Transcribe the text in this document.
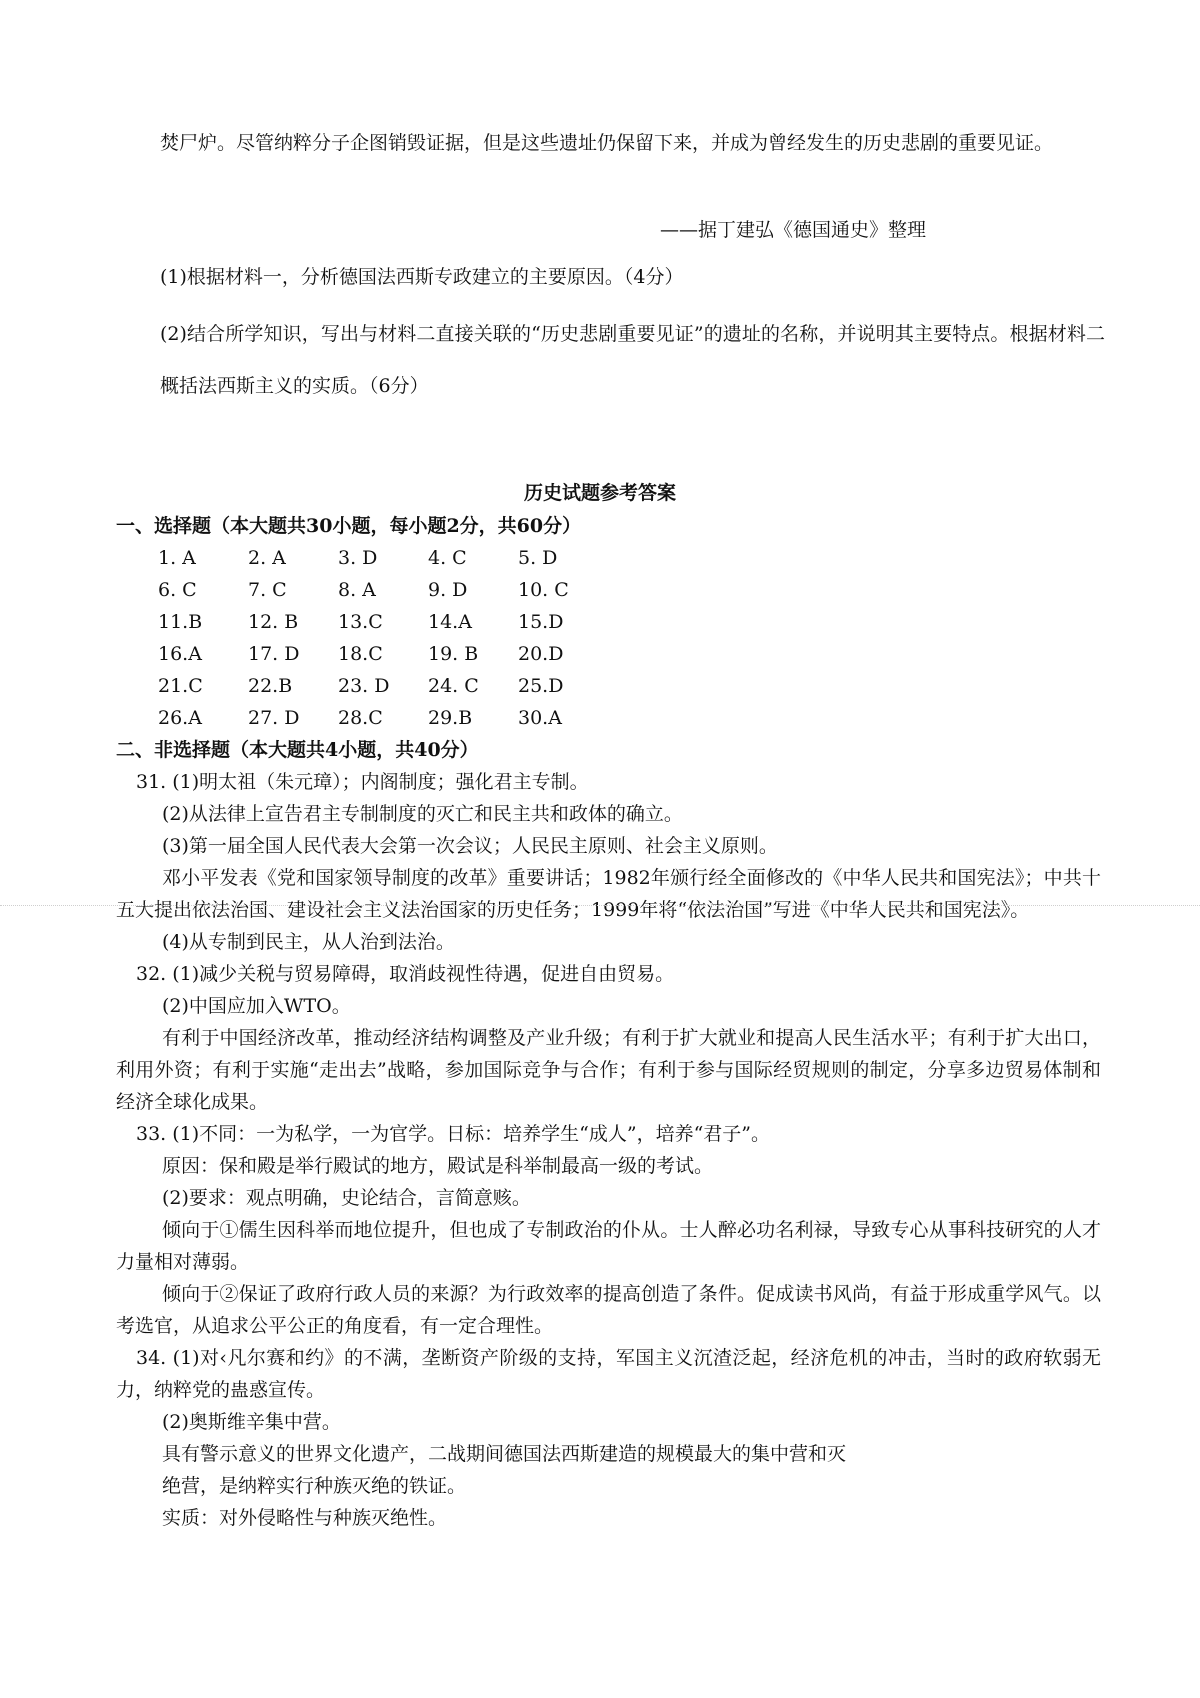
焚尸炉。尽管纳粹分子企图销毁证据，但是这些遗址仍保留下来，并成为曾经发生的历史悲剧的重要见证。

——据丁建弘《德国通史》整理
(1)根据材料一，分析德国法西斯专政建立的主要原因。（4分）

(2)结合所学知识，写出与材料二直接关联的“历史悲剧重要见证”的遗址的名称，并说明其主要特点。根据材料二概括法西斯主义的实质。（6分）

历史试题参考答案
一、选择题（本大题共30小题，每小题2分，共60分）
1. A	2. A	3. D	4. C	5. D
6. C	7. C	8. A	9. D	10. C
11.B	12. B	13.C	14.A	15.D
16.A	17. D	18.C	19. B	20.D
21.C	22.B	23. D	24. C	25.D
26.A	27. D	28.C	29.B	30.A
二、非选择题（本大题共4小题，共40分）
31. (1)明太祖（朱元璋）；内阁制度；强化君主专制。
(2)从法律上宣告君主专制制度的灭亡和民主共和政体的确立。
(3)第一届全国人民代表大会第一次会议；人民民主原则、社会主义原则。
邓小平发表《党和国家领导制度的改革》重要讲话；1982年颁行经全面修改的《中华人民共和国宪法》；中共十五大提出依法治国、建设社会主义法治国家的历史任务；1999年将“依法治国”写进《中华人民共和国宪法》。
(4)从专制到民主，从人治到法治。
32. (1)减少关税与贸易障碍，取消歧视性待遇，促进自由贸易。
(2)中国应加入WTO。
有利于中国经济改革，推动经济结构调整及产业升级；有利于扩大就业和提高人民生活水平；有利于扩大出口，利用外资；有利于实施“走出去”战略，参加国际竞争与合作；有利于参与国际经贸规则的制定，分享多边贸易体制和经济全球化成果。
33. (1)不同：一为私学，一为官学。日标：培养学生“成人”，培养“君子”。
原因：保和殿是举行殿试的地方，殿试是科举制最高一级的考试。
(2)要求：观点明确，史论结合，言简意赅。
倾向于①儒生因科举而地位提升，但也成了专制政治的仆从。士人醉必功名利禄，导致专心从事科技研究的人才力量相对薄弱。
倾向于②保证了政府行政人员的来源？为行政效率的提高创造了条件。促成读书风尚，有益于形成重学风气。以考选官，从追求公平公正的角度看，有一定合理性。
34. (1)对‹凡尔赛和约》的不满，垄断资产阶级的支持，军国主义沉渣泛起，经济危机的冲击，当时的政府软弱无力，纳粹党的蛊惑宣传。
(2)奥斯维辛集中营。
具有警示意义的世界文化遗产，二战期间德国法西斯建造的规模最大的集中营和灭
绝营，是纳粹实行种族灭绝的铁证。
实质：对外侵略性与种族灭绝性。
